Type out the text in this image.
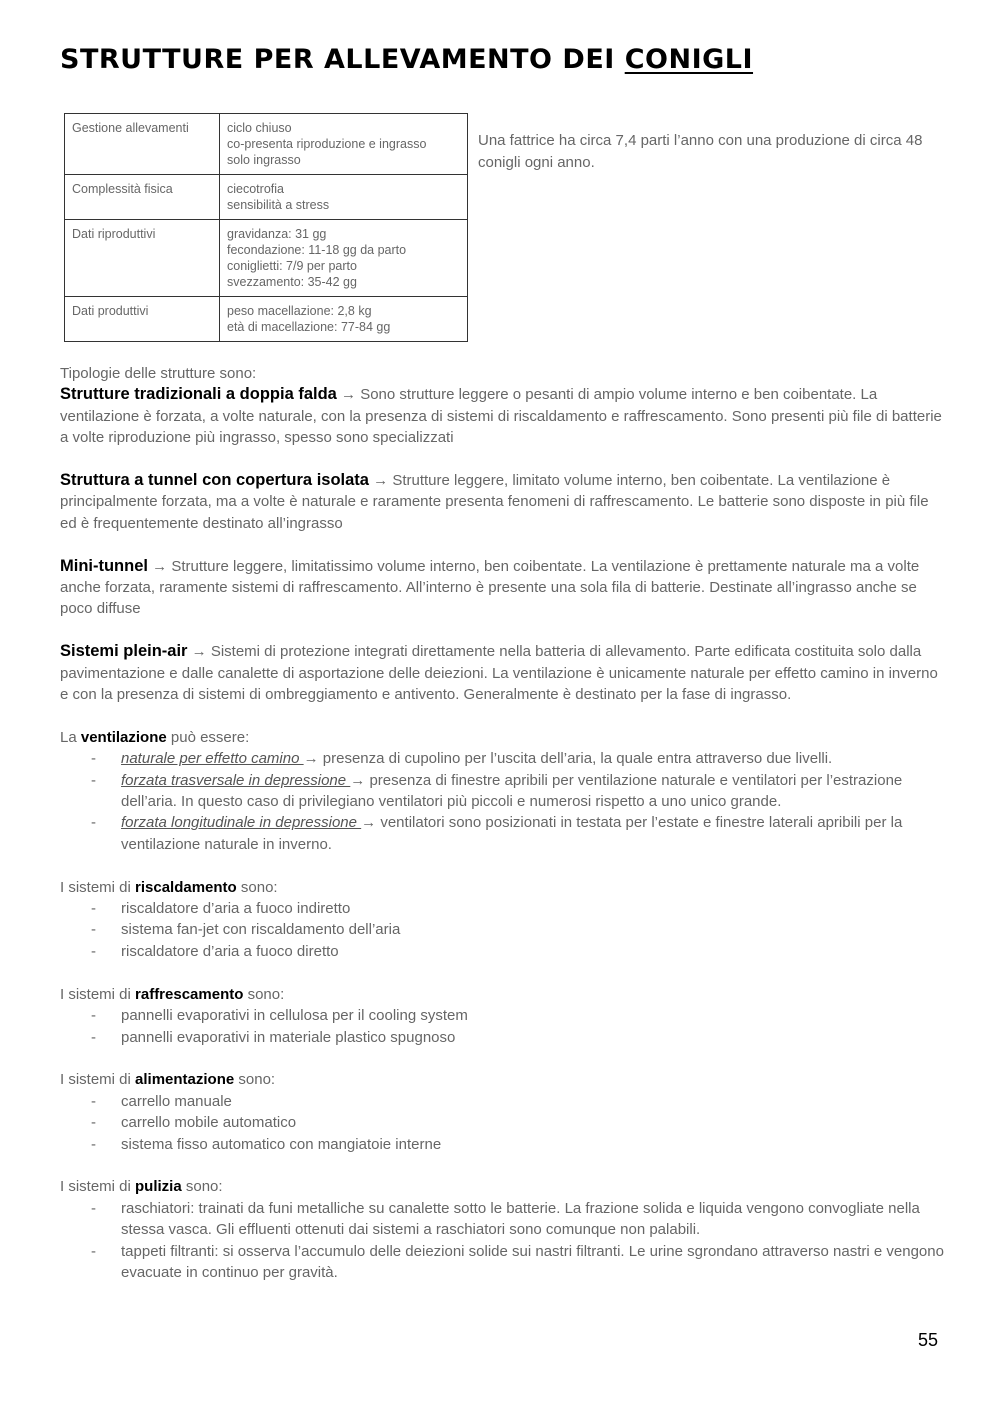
STRUTTURE PER ALLEVAMENTO DEI CONIGLI
Gestione allevamenti	ciclo chiuso
co-presenta riproduzione e ingrasso
solo ingrasso

Complessità fisica	ciecotrofia
sensibilità a stress

Dati riproduttivi	gravidanza: 31 gg
fecondazione: 11-18 gg da parto
coniglietti: 7/9 per parto
svezzamento: 35-42 gg

Dati produttivi	peso macellazione: 2,8 kg
età di macellazione: 77-84 gg
Una fattrice ha circa 7,4 parti l’anno con una produzione di circa 48 conigli ogni anno.

Tipologie delle strutture sono:

Strutture tradizionali a doppia falda → Sono strutture leggere o pesanti di ampio volume interno e ben coibentate. La ventilazione è forzata, a volte naturale, con la presenza di sistemi di riscaldamento e raffrescamento. Sono presenti più file di batterie a volte riproduzione più ingrasso, spesso sono specializzati

Struttura a tunnel con copertura isolata → Strutture leggere, limitato volume interno, ben coibentate. La ventilazione è principalmente forzata, ma a volte è naturale e raramente presenta fenomeni di raffrescamento. Le batterie sono disposte in più file ed è frequentemente destinato all’ingrasso

Mini-tunnel → Strutture leggere, limitatissimo volume interno, ben coibentate. La ventilazione è prettamente naturale ma a volte anche forzata, raramente sistemi di raffrescamento. All’interno è presente una sola fila di batterie. Destinate all’ingrasso anche se poco diffuse

Sistemi plein-air → Sistemi di protezione integrati direttamente nella batteria di allevamento. Parte edificata costituita solo dalla pavimentazione e dalle canalette di asportazione delle deiezioni. La ventilazione è unicamente naturale per effetto camino in inverno e con la presenza di sistemi di ombreggiamento e antivento. Generalmente è destinato per la fase di ingrasso.

La ventilazione può essere:

- naturale per effetto camino → presenza di cupolino per l’uscita dell’aria, la quale entra attraverso due livelli.
- forzata trasversale in depressione → presenza di finestre apribili per ventilazione naturale e ventilatori per l’estrazione dell’aria. In questo caso di privilegiano ventilatori più piccoli e numerosi rispetto a uno unico grande.
- forzata longitudinale in depressione → ventilatori sono posizionati in testata per l’estate e finestre laterali apribili per la ventilazione naturale in inverno.

I sistemi di riscaldamento sono:

- riscaldatore d’aria a fuoco indiretto
- sistema fan-jet con riscaldamento dell’aria
- riscaldatore d’aria a fuoco diretto

I sistemi di raffrescamento sono:

- pannelli evaporativi in cellulosa per il cooling system
- pannelli evaporativi in materiale plastico spugnoso

I sistemi di alimentazione sono:

- carrello manuale
- carrello mobile automatico
- sistema fisso automatico con mangiatoie interne

I sistemi di pulizia sono:

- raschiatori: trainati da funi metalliche su canalette sotto le batterie. La frazione solida e liquida vengono convogliate nella stessa vasca. Gli effluenti ottenuti dai sistemi a raschiatori sono comunque non palabili.
- tappeti filtranti: si osserva l’accumulo delle deiezioni solide sui nastri filtranti. Le urine sgrondano attraverso nastri e vengono evacuate in continuo per gravità.
55
